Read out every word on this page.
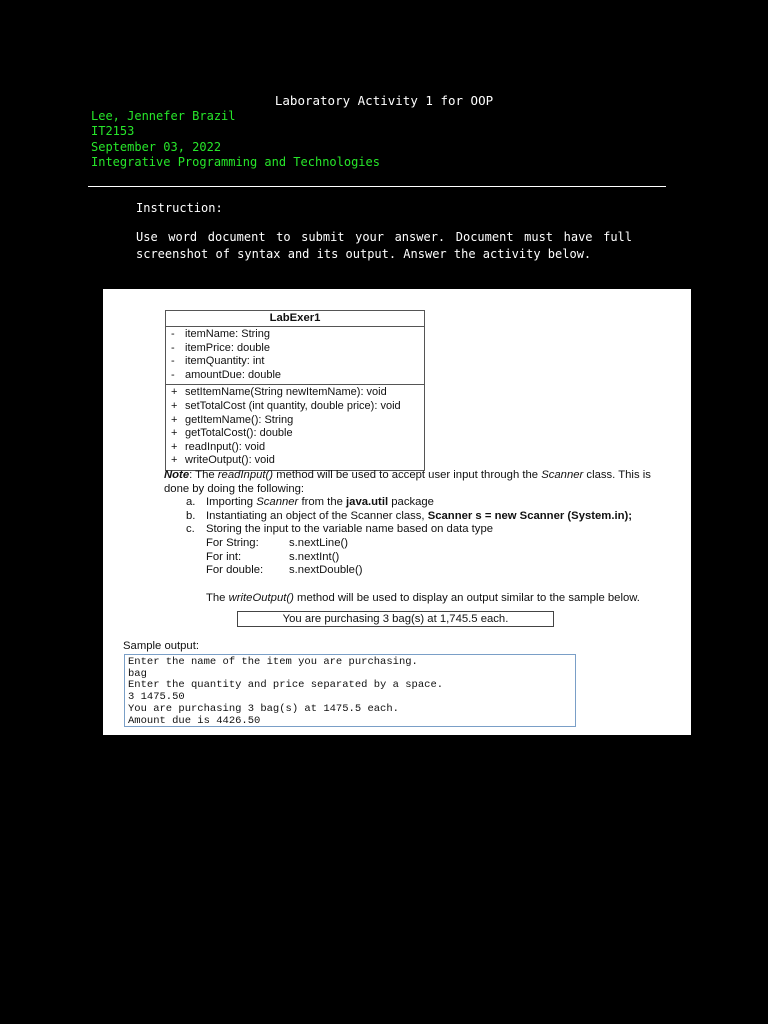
Laboratory Activity 1 for OOP
Lee, Jennefer Brazil
IT2153
September 03, 2022
Integrative Programming and Technologies
Instruction:
Use word document to submit your answer. Document must have full screenshot of syntax and its output. Answer the activity below.
LabExer1
- itemName: String
- itemPrice: double
- itemQuantity: int
- amountDue: double
+ setItemName(String newItemName): void
+ setTotalCost (int quantity, double price): void
+ getItemName(): String
+ getTotalCost(): double
+ readInput(): void
+ writeOutput(): void
Note: The readInput() method will be used to accept user input through the Scanner class. This is done by doing the following:
a. Importing Scanner from the java.util package
b. Instantiating an object of the Scanner class, Scanner s = new Scanner (System.in);
c. Storing the input to the variable name based on data type
For String:	s.nextLine()
For int:	s.nextInt()
For double: s.nextDouble()
The writeOutput() method will be used to display an output similar to the sample below.
You are purchasing 3 bag(s) at 1,745.5 each.
Sample output:
Enter the name of the item you are purchasing.
bag
Enter the quantity and price separated by a space.
3 1475.50
You are purchasing 3 bag(s) at 1475.5 each.
Amount due is 4426.50
